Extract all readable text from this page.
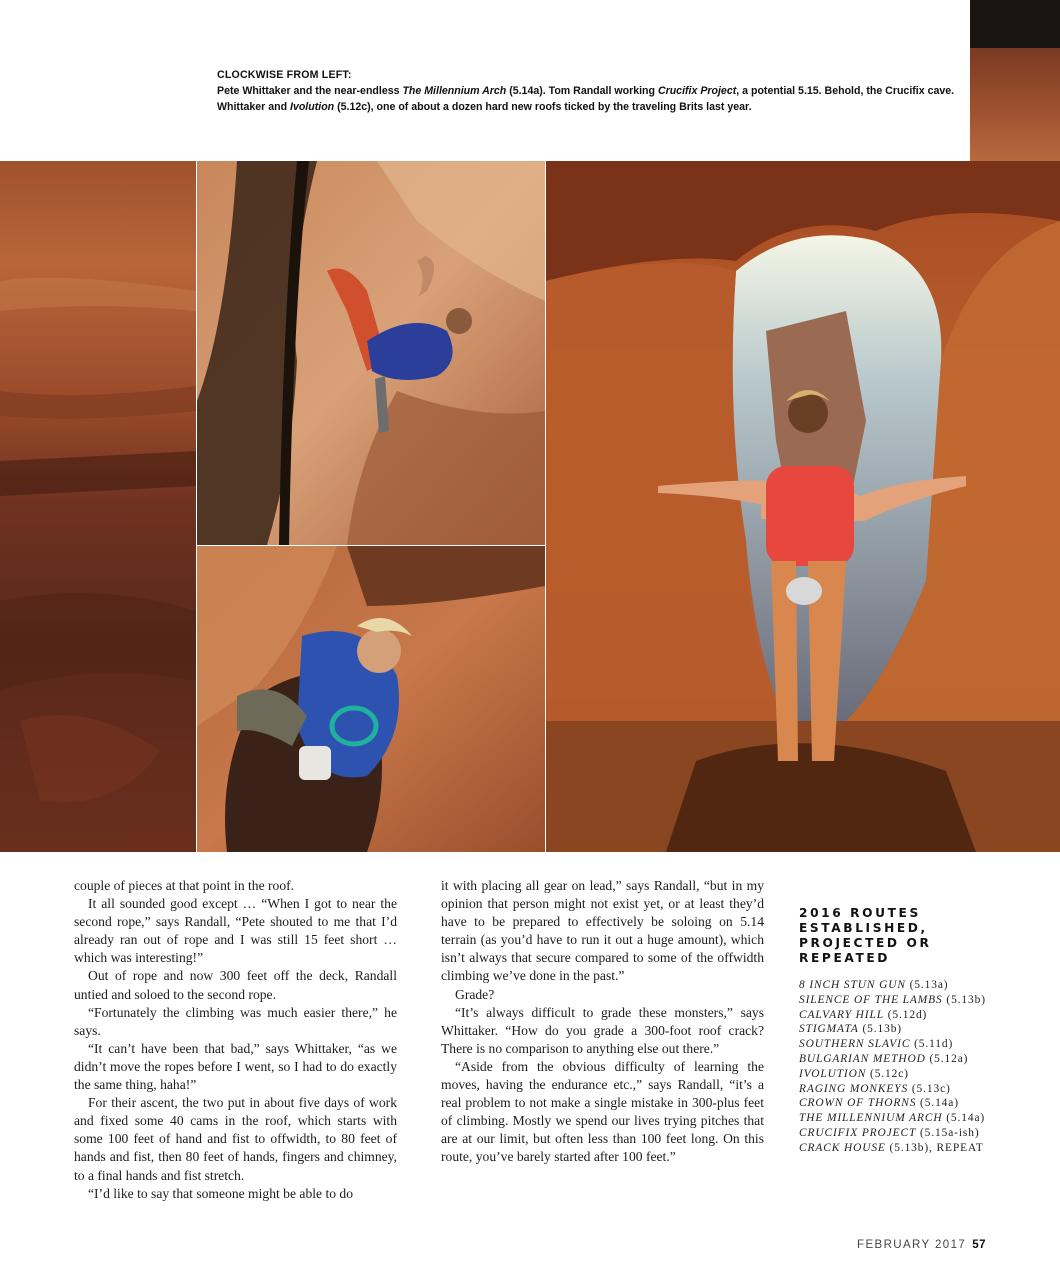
CLOCKWISE FROM LEFT:
Pete Whittaker and the near-endless The Millennium Arch (5.14a). Tom Randall working Crucifix Project, a potential 5.15. Behold, the Crucifix cave. Whittaker and Ivolution (5.12c), one of about a dozen hard new roofs ticked by the traveling Brits last year.

couple of pieces at that point in the roof.

It all sounded good except … “When I got to near the second rope,” says Randall, “Pete shouted to me that I’d already ran out of rope and I was still 15 feet short … which was interesting!”

Out of rope and now 300 feet off the deck, Randall untied and soloed to the second rope.

“Fortunately the climbing was much easier there,” he says.

“It can’t have been that bad,” says Whittaker, “as we didn’t move the ropes before I went, so I had to do exactly the same thing, haha!”

For their ascent, the two put in about five days of work and fixed some 40 cams in the roof, which starts with some 100 feet of hand and fist to offwidth, to 80 feet of hands and fist, then 80 feet of hands, fingers and chimney, to a final hands and fist stretch.

“I’d like to say that someone might be able to do

it with placing all gear on lead,” says Randall, “but in my opinion that person might not exist yet, or at least they’d have to be prepared to effectively be soloing on 5.14 terrain (as you’d have to run it out a huge amount), which isn’t always that secure compared to some of the offwidth climbing we’ve done in the past.”

Grade?

“It’s always difficult to grade these monsters,” says Whittaker. “How do you grade a 300-foot roof crack? There is no comparison to anything else out there.”

“Aside from the obvious difficulty of learning the moves, having the endurance etc.,” says Randall, “it’s a real problem to not make a single mistake in 300-plus feet of climbing. Mostly we spend our lives trying pitches that are at our limit, but often less than 100 feet long. On this route, you’ve barely started after 100 feet.”

2016 ROUTES ESTABLISHED, PROJECTED OR REPEATED
8 INCH STUN GUN (5.13a)
SILENCE OF THE LAMBS (5.13b)
CALVARY HILL (5.12d)
STIGMATA (5.13b)
SOUTHERN SLAVIC (5.11d)
BULGARIAN METHOD (5.12a)
IVOLUTION (5.12c)
RAGING MONKEYS (5.13c)
CROWN OF THORNS (5.14a)
THE MILLENNIUM ARCH (5.14a)
CRUCIFIX PROJECT (5.15a-ish)
CRACK HOUSE (5.13b), REPEAT
FEBRUARY 2017 57
